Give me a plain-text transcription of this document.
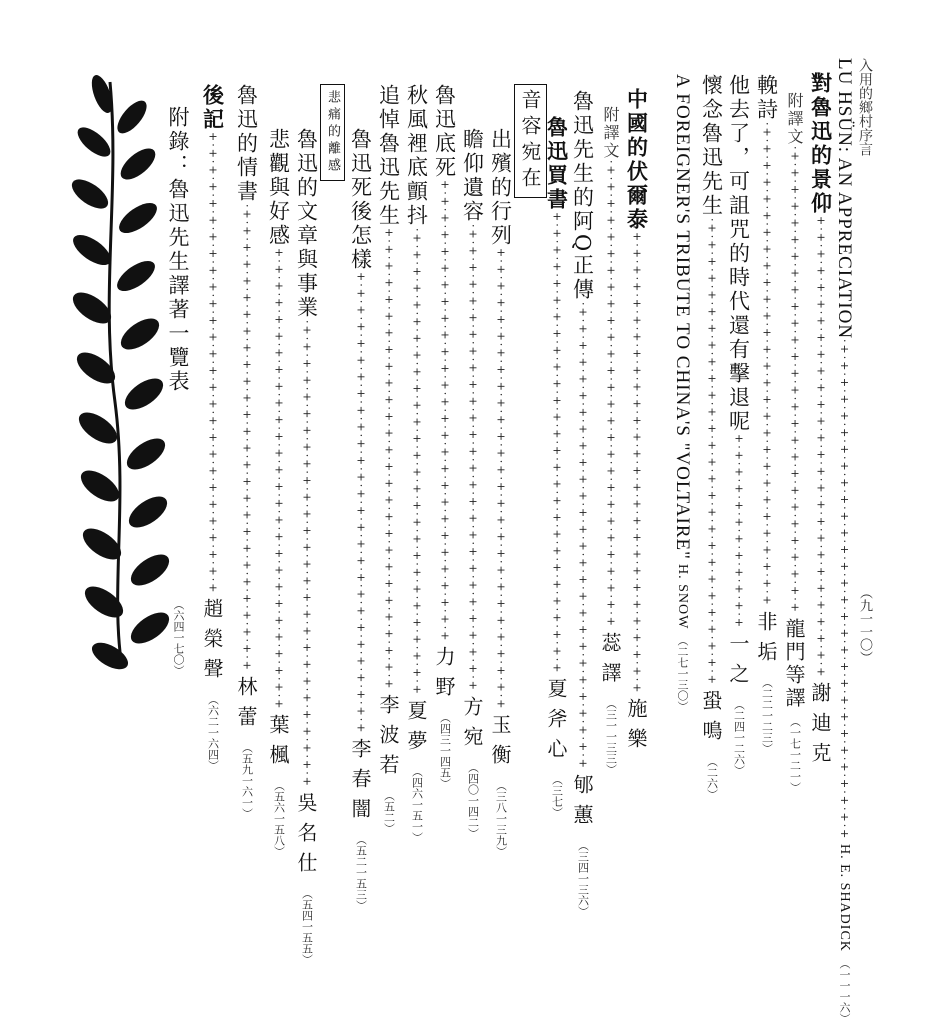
入用的鄉村序言
（九一一〇）
LU HSÜN: AN APPRECIATION
·+·+·+·+·+·+·+·+·+·+·+·+·+·+·+·+·+·+·+·+·+·+·+·+·+·+·+·+·+·+
H. E. SHADICK
（一一一六）
對魯迅的景仰
+·+·+·+·+·+·+·+·+·+·+·+·+·+·+·+·+·+·+·+·+·+·+·+·+·+·+·+
謝迪克
附譯文
·+·+·+·+·+·+·+·+·+·+·+·+·+·+·+·+·+·+·+·+·+·+·+·+·+·+·+·+
龍門等譯
（一七一二一）
輓詩
·+·+·+·+·+·+·+·+·+·+·+·+·+·+·+·+·+·+·+·+·+·+·+·+·+·+·+·+·+
非垢
（二二一二三）
他去了，可詛咒的時代還有擊退呢
+·+·+·+·+·+·+·+·+·+·+·+
一之
（二四一二六）
懷念魯迅先生
·+·+·+·+·+·+·+·+·+·+·+·+·+·+·+·+·+·+·+·+·+·+·+·+·+·+·+·+
蛩鳴
（二六）
A FOREIGNER'S TRIBUTE TO CHINA'S "VOLTAIRE"
H. SNOW
（二七一三〇）
中國的伏爾泰
+·+·+·+·+·+·+·+·+·+·+·+·+·+·+·+·+·+·+·+·+·+·+·+·+·+·+·+
施樂
附譯文
·+·+·+·+·+·+·+·+·+·+·+·+·+·+·+·+·+·+·+·+·+·+·+·+·+·+·+·+
蕊譯
（三一一三三）
魯迅先生的阿Q正傳
·+·+·+·+·+·+·+·+·+·+·+·+·+·+·+·+·+·+·+·+·+·+·+·+·+·+·+·+
郇蕙
（三四一三六）
音容宛在 魯迅買書
+·+·+·+·+·+·+·+·+·+·+·+·+·+·+·+·+·+·+·+·+·+·+·+·+·+·+·+
夏斧心
（三七）
出殯的行列
+·+·+·+·+·+·+·+·+·+·+·+·+·+·+·+·+·+·+·+·+·+·+·+·+·+·+·+
玉衡
（三八一三九）
瞻仰遺容
·+·+·+·+·+·+·+·+·+·+·+·+·+·+·+·+·+·+·+·+·+·+·+·+·+·+·+·+
方宛
（四〇一四二）
魯迅底死
+·+·+·+·+·+·+·+·+·+·+·+·+·+·+·+·+·+·+·+·+·+·+·+·+·+·+·+
力野
（四三一四五）
秋風裡底顫抖
·+·+·+·+·+·+·+·+·+·+·+·+·+·+·+·+·+·+·+·+·+·+·+·+·+·+·+·+
夏夢
（四六一五一）
追悼魯迅先生
+·+·+·+·+·+·+·+·+·+·+·+·+·+·+·+·+·+·+·+·+·+·+·+·+·+·+·+
李波若
（五二）
悲痛的離感 魯迅死後怎樣
+·+·+·+·+·+·+·+·+·+·+·+·+·+·+·+·+·+·+·+·+·+·+·+·+·+·+·+
李春闇
（五二一五三）
魯迅的文章與事業
·+·+·+·+·+·+·+·+·+·+·+·+·+·+·+·+·+·+·+·+·+·+·+·+·+·+·+·+
吳名仕
（五四一五五）
悲觀與好感
+·+·+·+·+·+·+·+·+·+·+·+·+·+·+·+·+·+·+·+·+·+·+·+·+·+·+·+
葉楓
（五六一五八）
魯迅的情書
·+·+·+·+·+·+·+·+·+·+·+·+·+·+·+·+·+·+·+·+·+·+·+·+·+·+·+·+
林蕾
（五九一六一）
後記
+·+·+·+·+·+·+·+·+·+·+·+·+·+·+·+·+·+·+·+·+·+·+·+·+·+·+·+
趙榮聲
（六二一六四）
附錄：魯迅先生譯著一覽表
（六四一七〇）
